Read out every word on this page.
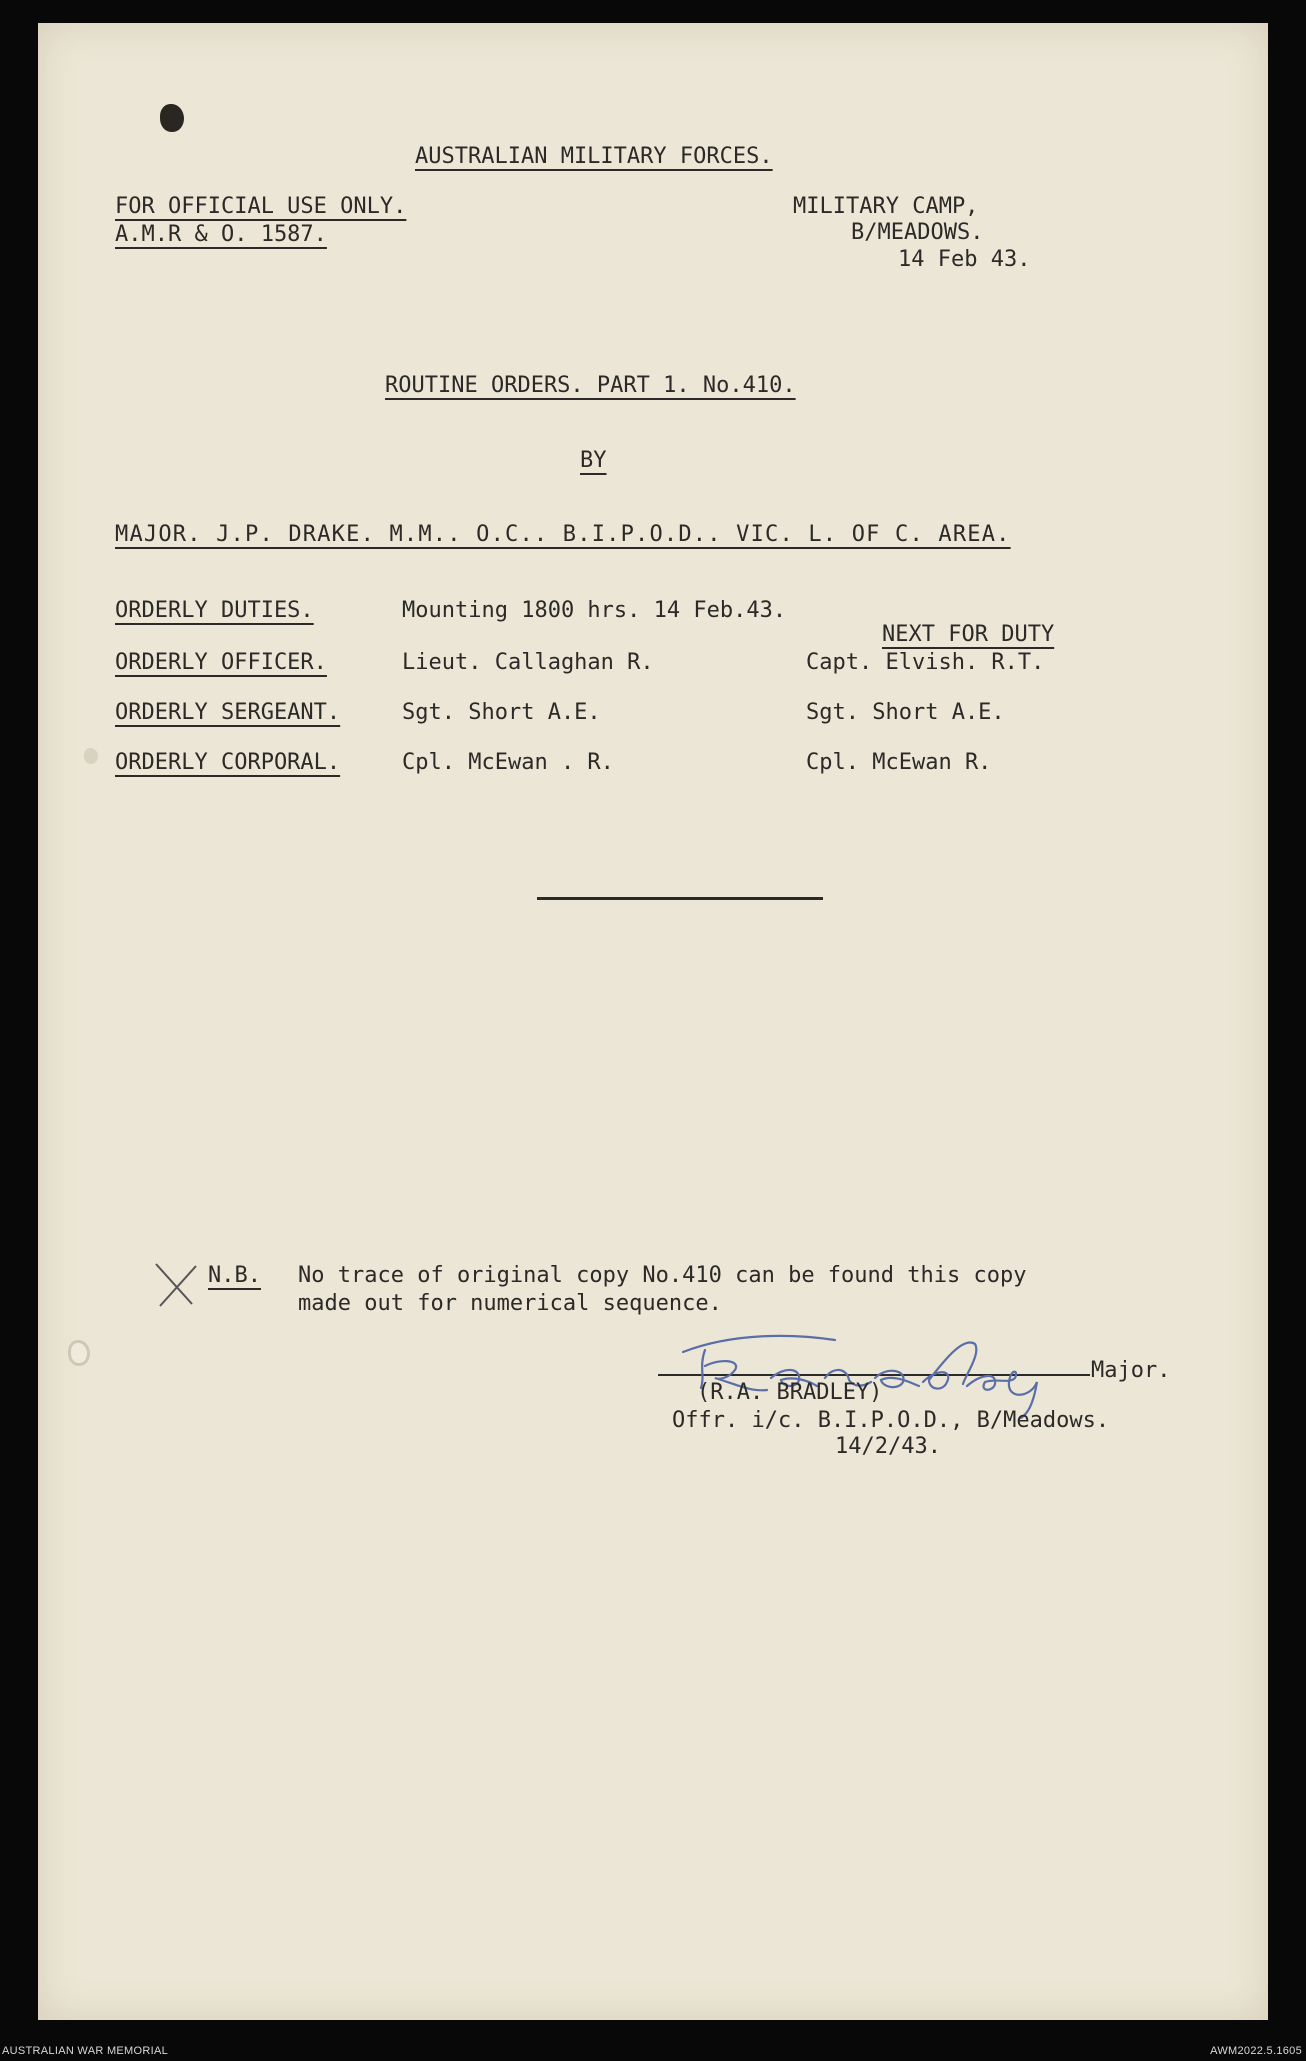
AUSTRALIAN MILITARY FORCES.

FOR OFFICIAL USE ONLY.

A.M.R & O. 1587.

MILITARY CAMP,

B/MEADOWS.

14 Feb 43.

ROUTINE ORDERS. PART 1. No.410.

BY

MAJOR. J.P. DRAKE. M.M.. O.C.. B.I.P.O.D.. VIC. L. OF C. AREA.

ORDERLY DUTIES.	Mounting 1800 hrs. 14 Feb.43.

NEXT FOR DUTY

ORDERLY OFFICER.	Lieut. Callaghan R.	Capt. Elvish. R.T.

ORDERLY SERGEANT.	Sgt. Short A.E.	Sgt. Short A.E.

ORDERLY CORPORAL.	Cpl. McEwan . R.	Cpl. McEwan R.

N.B. No trace of original copy No.410 can be found this copy

made out for numerical sequence.

Major.

(R.A. BRADLEY)

Offr. i/c. B.I.P.O.D., B/Meadows.

14/2/43.

AUSTRALIAN WAR MEMORIAL	AWM2022.5.1605
